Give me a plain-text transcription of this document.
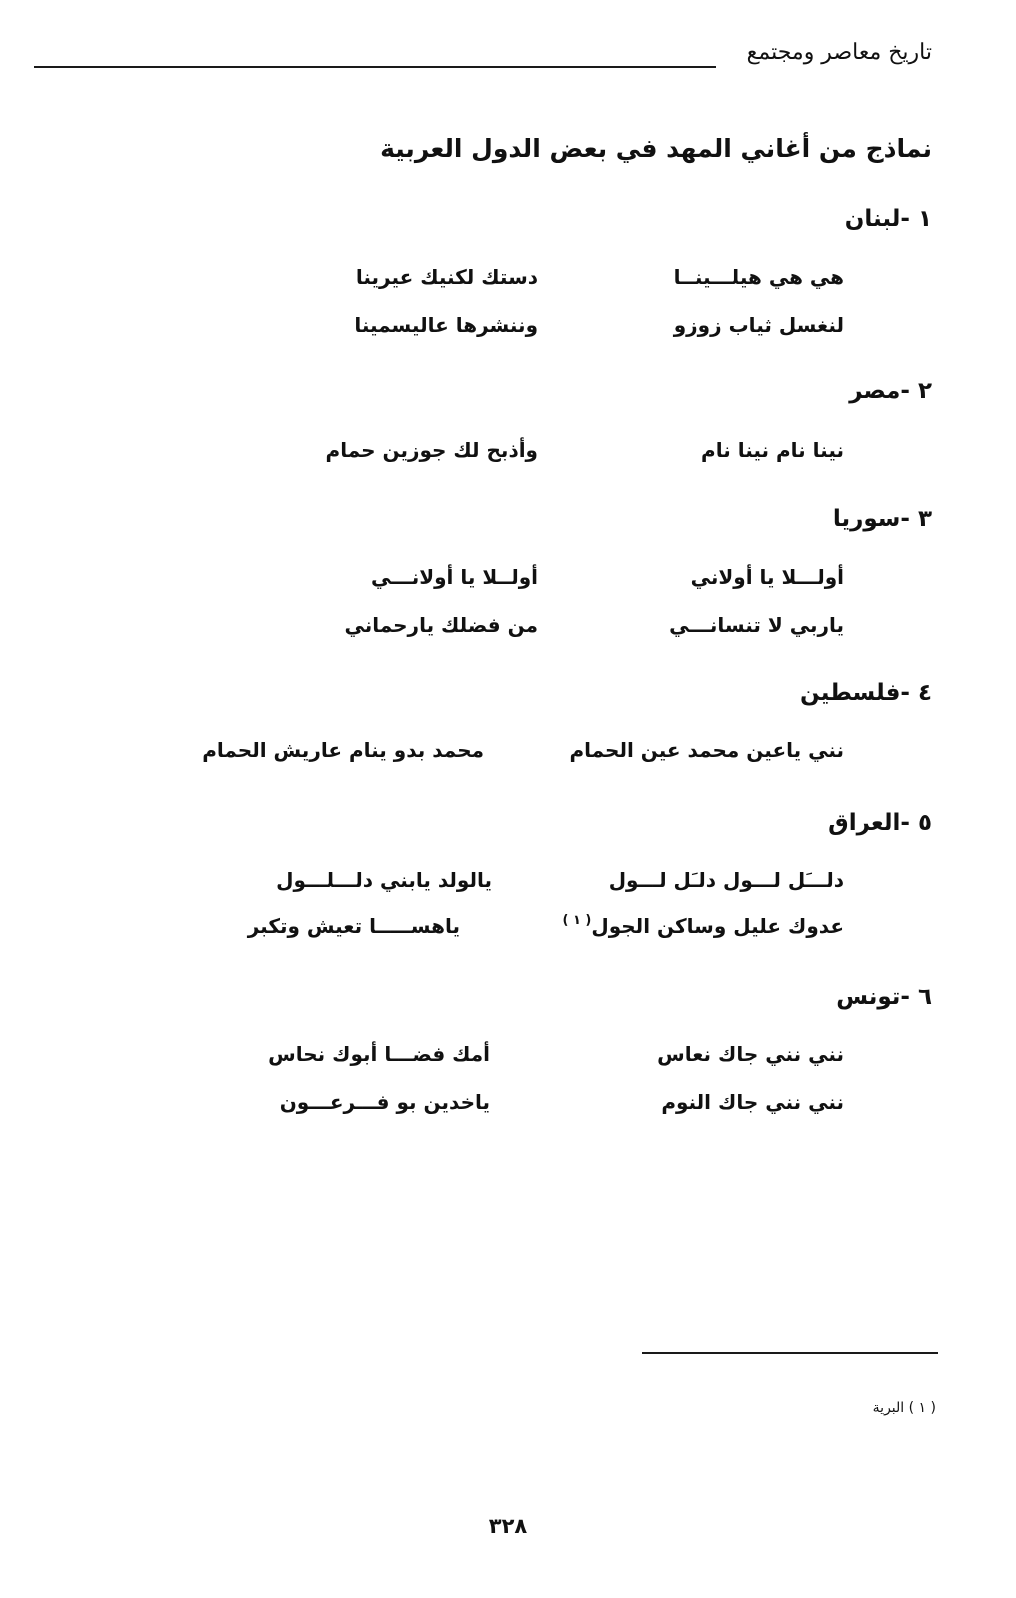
تاريخ معاصر ومجتمع
نماذج من أغاني المهد في بعض الدول العربية
١ -لبنان
هي هي هيلـــينــا
دستك لكنيك عيرينا
لنغسل ثياب زوزو
وننشرها عاليسمينا
٢ -مصر
نينا نام نينا نام
وأذبح لك جوزين حمام
٣ -سوريا
أولـــلا يا أولاني
أولــلا يا أولانـــي
ياربي لا تنسانـــي
من فضلك يارحماني
٤ -فلسطين
نني ياعين محمد عين الحمام
محمد بدو ينام عاريش الحمام
٥ -العراق
دلـــَل لـــول دلـَل لـــول
يالولد يابني دلـــلـــول
عدوك عليل وساكن الجول$^{( ١ )}$
ياهســـــا تعيش وتكبر
٦ -تونس
نني نني جاك نعاس
أمك فضـــا أبوك نحاس
نني نني جاك النوم
ياخدين بو فـــرعـــون
( ١ ) البرية
٣٢٨
